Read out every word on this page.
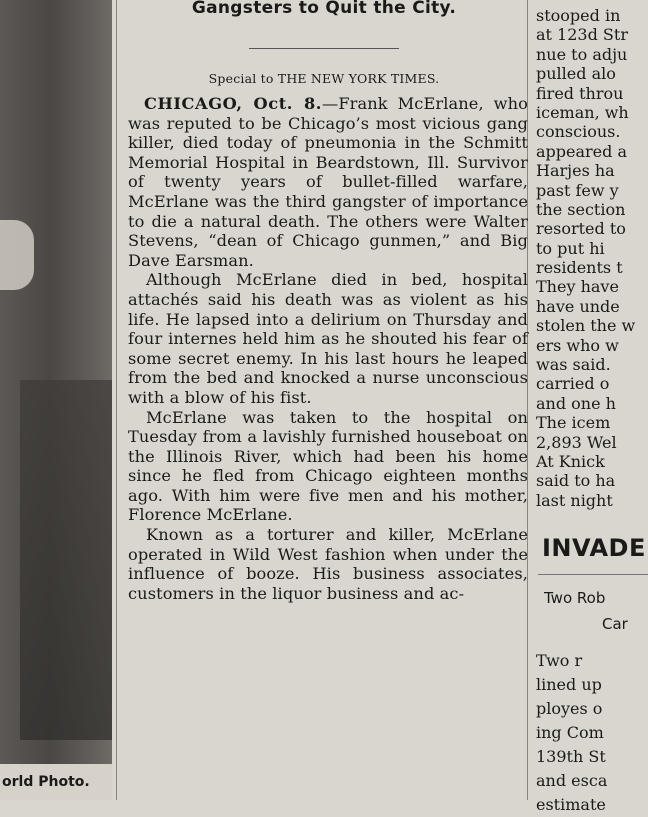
orld Photo.
Gangsters to Quit the City.
Special to THE NEW YORK TIMES.

CHICAGO, Oct. 8.—Frank McErlane, who was reputed to be Chicago’s most vicious gang killer, died today of pneumonia in the Schmitt Memorial Hospital in Beardstown, Ill. Survivor of twenty years of bullet-filled warfare, McErlane was the third gangster of importance to die a natural death. The others were Walter Stevens, “dean of Chicago gunmen,” and Big Dave Earsman.

Although McErlane died in bed, hospital attachés said his death was as violent as his life. He lapsed into a delirium on Thursday and four internes held him as he shouted his fear of some secret enemy. In his last hours he leaped from the bed and knocked a nurse unconscious with a blow of his fist.

McErlane was taken to the hospital on Tuesday from a lavishly furnished houseboat on the Illinois River, which had been his home since he fled from Chicago eighteen months ago. With him were five men and his mother, Florence McErlane.

Known as a torturer and killer, McErlane operated in Wild West fashion when under the influence of booze. His business associates, customers in the liquor business and ac-

stooped in
at 123d Str
nue to adju
pulled alo
fired throu
iceman, wh
conscious.
appeared a
Harjes ha
past few y
the section
resorted to
to put hi
residents t
They have
have unde
stolen the w
ers who w
was said.
carried o
and one h
The icem
2,893 Wel
At Knick
said to ha
last night
INVADE
Two Rob
Car
Two r
lined up
ployes o
ing Com
139th St
and esca
estimate
